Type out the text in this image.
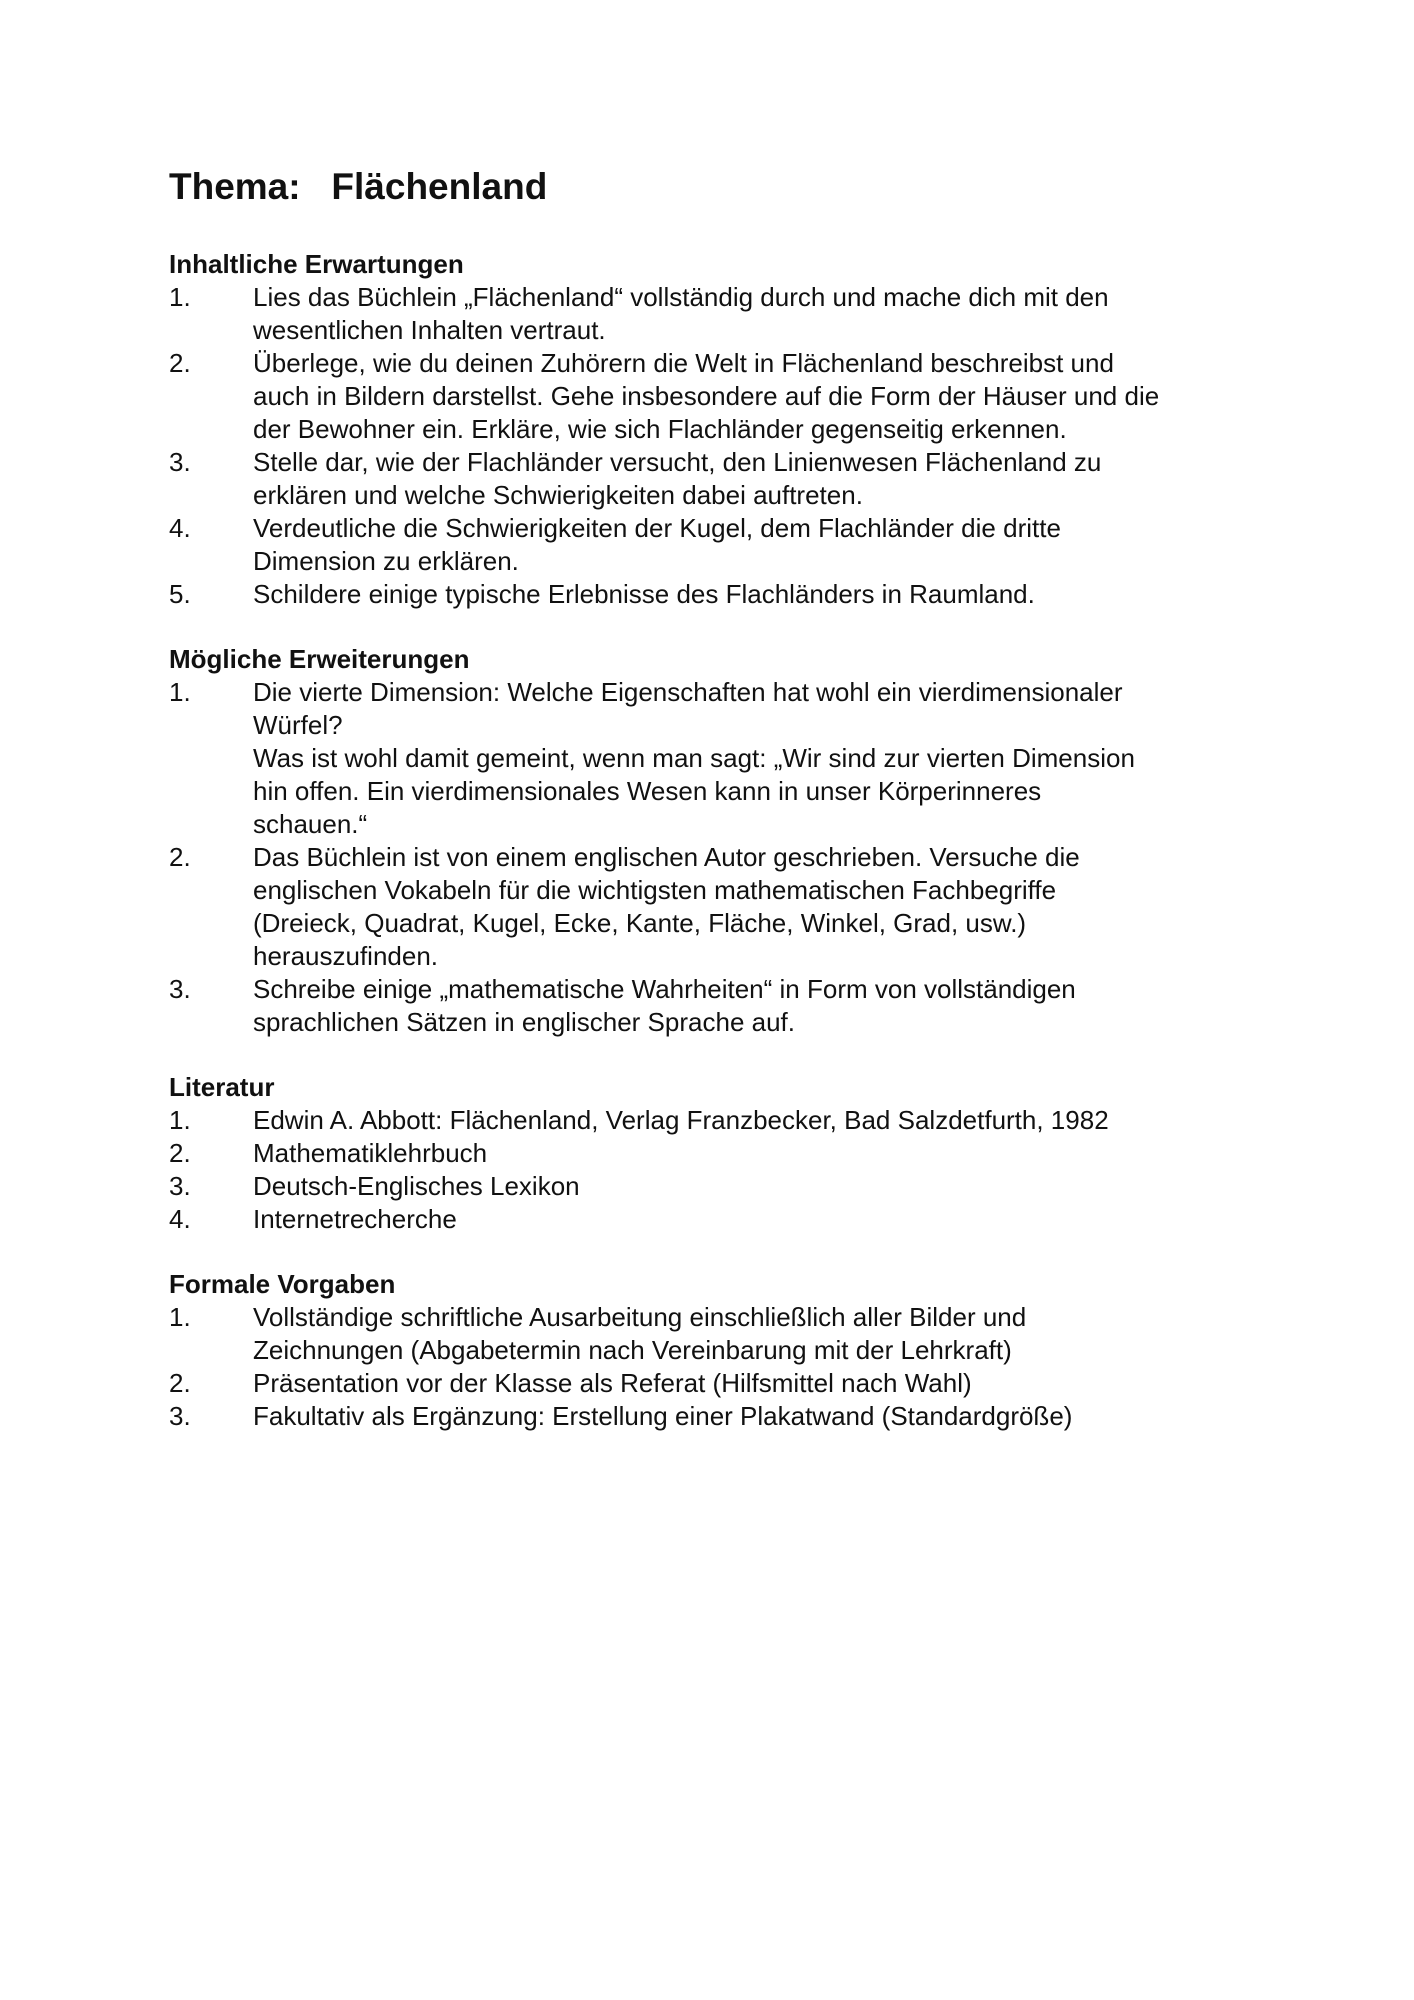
Thema:   Flächenland
Inhaltliche Erwartungen
1.	Lies das Büchlein „Flächenland“ vollständig durch und mache dich mit den
wesentlichen Inhalten vertraut.
2.	Überlege, wie du deinen Zuhörern die Welt in Flächenland beschreibst und
auch in Bildern darstellst. Gehe insbesondere auf die Form der Häuser und die
der Bewohner ein. Erkläre, wie sich Flachländer gegenseitig erkennen.
3.	Stelle dar, wie der Flachländer versucht, den Linienwesen Flächenland zu
erklären und welche Schwierigkeiten dabei auftreten.
4.	Verdeutliche die Schwierigkeiten der Kugel, dem Flachländer die dritte
Dimension zu erklären.
5.	Schildere einige typische Erlebnisse des Flachländers in Raumland.
Mögliche Erweiterungen
1.	Die vierte Dimension: Welche Eigenschaften hat wohl ein vierdimensionaler
Würfel?
Was ist wohl damit gemeint, wenn man sagt: „Wir sind zur vierten Dimension
hin offen. Ein vierdimensionales Wesen kann in unser Körperinneres
schauen.“
2.	Das Büchlein ist von einem englischen Autor geschrieben. Versuche die
englischen Vokabeln für die wichtigsten mathematischen Fachbegriffe
(Dreieck, Quadrat, Kugel, Ecke, Kante, Fläche, Winkel, Grad, usw.)
herauszufinden.
3.	Schreibe einige „mathematische Wahrheiten“ in Form von vollständigen
sprachlichen Sätzen in englischer Sprache auf.
Literatur
1.	Edwin A. Abbott: Flächenland, Verlag Franzbecker, Bad Salzdetfurth, 1982
2.	Mathematiklehrbuch
3.	Deutsch-Englisches Lexikon
4.	Internetrecherche
Formale Vorgaben
1.	Vollständige schriftliche Ausarbeitung einschließlich aller Bilder und
Zeichnungen (Abgabetermin nach Vereinbarung mit der Lehrkraft)
2.	Präsentation vor der Klasse als Referat (Hilfsmittel nach Wahl)
3.	Fakultativ als Ergänzung: Erstellung einer Plakatwand (Standardgröße)
